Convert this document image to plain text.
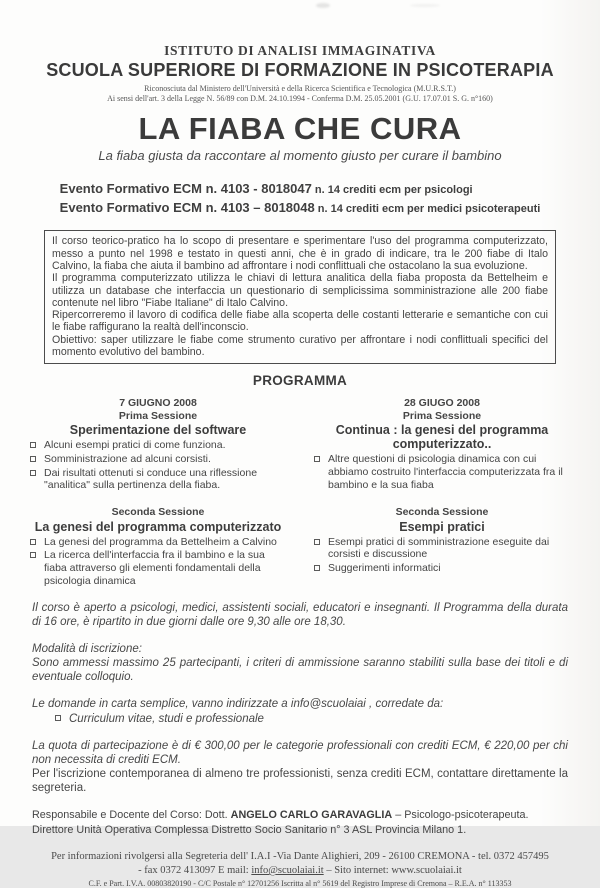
ISTITUTO DI ANALISI IMMAGINATIVA
SCUOLA SUPERIORE DI FORMAZIONE IN PSICOTERAPIA
Riconosciuta dal Ministero dell'Università e della Ricerca Scientifica e Tecnologica (M.U.R.S.T.)
Ai sensi dell'art. 3 della Legge N. 56/89 con D.M. 24.10.1994 - Conferma D.M. 25.05.2001 (G.U. 17.07.01 S. G. n°160)
LA FIABA CHE CURA
La fiaba giusta da raccontare al momento giusto per curare il bambino
Evento Formativo ECM n. 4103 - 8018047 n. 14 crediti ecm per psicologi
Evento Formativo ECM n. 4103 – 8018048 n. 14 crediti ecm per medici psicoterapeuti

Il corso teorico-pratico ha lo scopo di presentare e sperimentare l'uso del programma computerizzato, messo a punto nel 1998 e testato in questi anni, che è in grado di indicare, tra le 200 fiabe di Italo Calvino, la fiaba che aiuta il bambino ad affrontare i nodi conflittuali che ostacolano la sua evoluzione.

Il programma computerizzato utilizza le chiavi di lettura analitica della fiaba proposta da Bettelheim e utilizza un database che interfaccia un questionario di semplicissima somministrazione alle 200 fiabe contenute nel libro "Fiabe Italiane" di Italo Calvino.

Ripercorreremo il lavoro di codifica delle fiabe alla scoperta delle costanti letterarie e semantiche con cui le fiabe raffigurano la realtà dell'inconscio.

Obiettivo: saper utilizzare le fiabe come strumento curativo per affrontare i nodi conflittuali specifici del momento evolutivo del bambino.

PROGRAMMA
7 GIUGNO 2008
Prima Sessione
Sperimentazione del software
Alcuni esempi pratici di come funziona.
Somministrazione ad alcuni corsisti.
Dai risultati ottenuti si conduce una riflessione "analitica" sulla pertinenza della fiaba.
Seconda Sessione
La genesi del programma computerizzato
La genesi del programma da Bettelheim a Calvino
La ricerca dell'interfaccia fra il bambino e la sua fiaba attraverso gli elementi fondamentali della psicologia dinamica
28 GIUGO 2008
Prima Sessione
Continua : la genesi del programma computerizzato..
Altre questioni di psicologia dinamica con cui abbiamo costruito l'interfaccia computerizzata fra il bambino e la sua fiaba
Seconda Sessione
Esempi pratici
Esempi pratici di somministrazione eseguite dai corsisti e discussione
Suggerimenti informatici
Il corso è aperto a psicologi, medici, assistenti sociali, educatori e insegnanti. Il Programma della durata di 16 ore, è ripartito in due giorni dalle ore 9,30 alle ore 18,30.
Modalità di iscrizione:
Sono ammessi massimo 25 partecipanti, i criteri di ammissione saranno stabiliti sulla base dei titoli e di eventuale colloquio.
Le domande in carta semplice, vanno indirizzate a info@scuolaiai , corredate da:
Curriculum vitae, studi e professionale
La quota di partecipazione è di € 300,00 per le categorie professionali con crediti ECM, € 220,00 per chi non necessita di crediti ECM.
Per l'iscrizione contemporanea di almeno tre professionisti, senza crediti ECM, contattare direttamente la segreteria.
Responsabile e Docente del Corso: Dott. ANGELO CARLO GARAVAGLIA – Psicologo-psicoterapeuta.
Direttore Unità Operativa Complessa Distretto Socio Sanitario n° 3 ASL Provincia Milano 1.
Per informazioni rivolgersi alla Segreteria dell' I.A.I -Via Dante Alighieri, 209 - 26100 CREMONA - tel. 0372 457495
- fax 0372 413097 E mail: info@scuolaiai.it – Sito internet: www.scuolaiai.it
C.F. e Part. I.V.A. 00803820190 - C/C Postale n° 12701256 Iscritta al n° 5619 del Registro Imprese di Cremona – R.E.A. n° 113353
